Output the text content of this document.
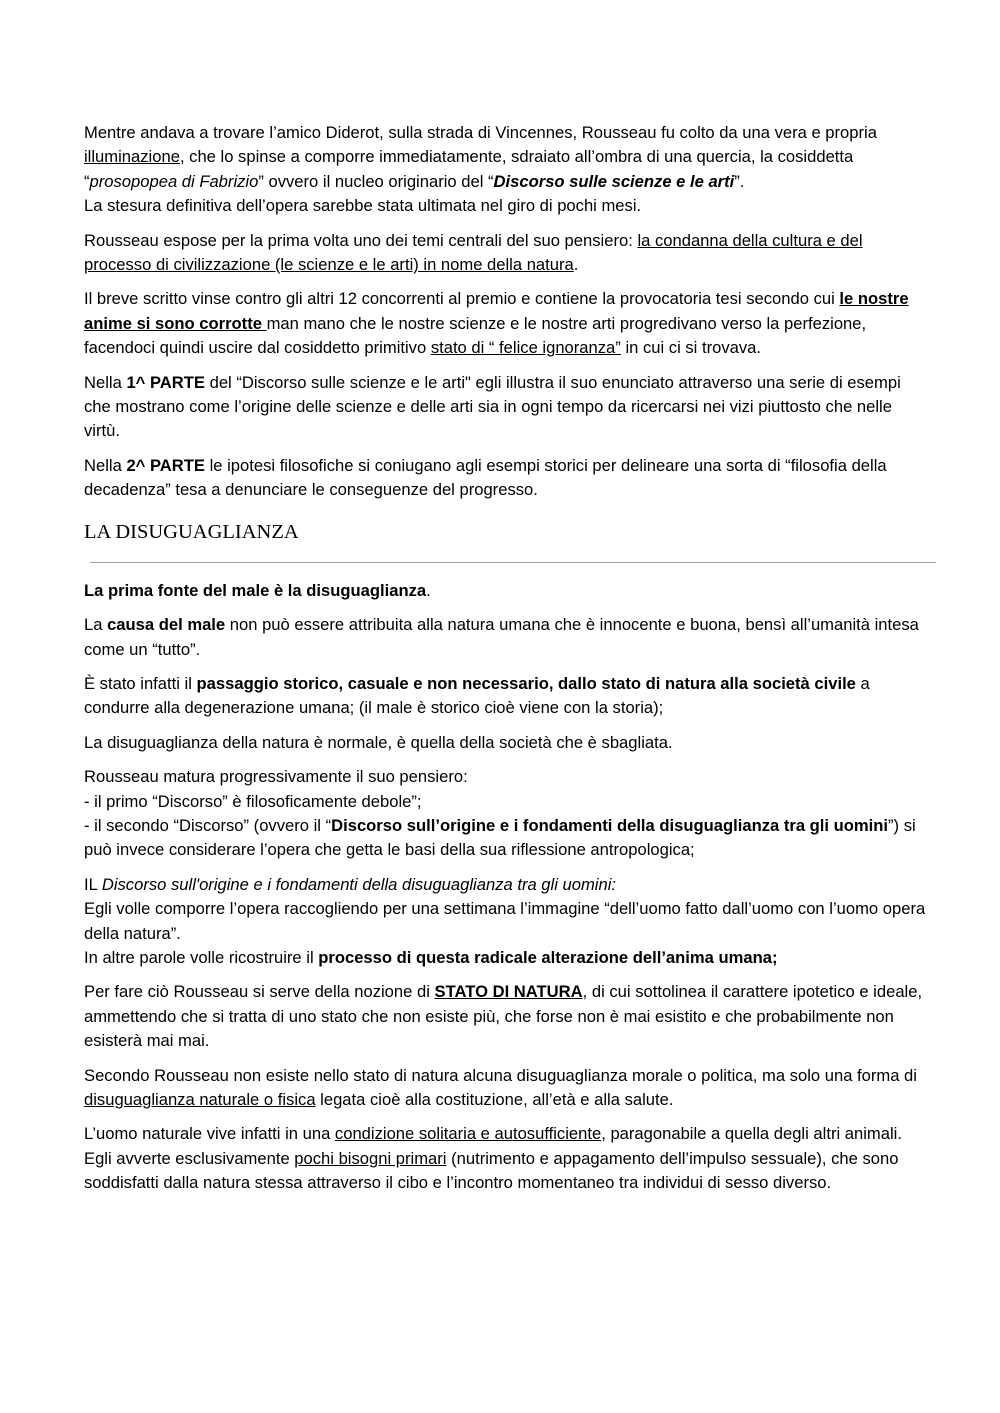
Mentre andava a trovare l’amico Diderot, sulla strada di Vincennes, Rousseau fu colto da una vera e propria illuminazione, che lo spinse a comporre immediatamente, sdraiato all’ombra di una quercia, la cosiddetta “prosopopea di Fabrizio” ovvero il nucleo originario del “Discorso sulle scienze e le arti”.
La stesura definitiva dell’opera sarebbe stata ultimata nel giro di pochi mesi.

Rousseau espose per la prima volta uno dei temi centrali del suo pensiero: la condanna della cultura e del processo di civilizzazione (le scienze e le arti) in nome della natura.

Il breve scritto vinse contro gli altri 12 concorrenti al premio e contiene la provocatoria tesi secondo cui le nostre anime si sono corrotte man mano che le nostre scienze e le nostre arti progredivano verso la perfezione, facendoci quindi uscire dal cosiddetto primitivo stato di “ felice ignoranza” in cui ci si trovava.

Nella 1^ PARTE del “Discorso sulle scienze e le arti" egli illustra il suo enunciato attraverso una serie di esempi che mostrano come l’origine delle scienze e delle arti sia in ogni tempo da ricercarsi nei vizi piuttosto che nelle virtù.

Nella 2^ PARTE le ipotesi filosofiche si coniugano agli esempi storici per delineare una sorta di “filosofia della decadenza” tesa a denunciare le conseguenze del progresso.

LA DISUGUAGLIANZA

La prima fonte del male è la disuguaglianza.

La causa del male non può essere attribuita alla natura umana che è innocente e buona, bensì all’umanità intesa come un “tutto”.

È stato infatti il passaggio storico, casuale e non necessario, dallo stato di natura alla società civile a condurre alla degenerazione umana; (il male è storico cioè viene con la storia);

La disuguaglianza della natura è normale, è quella della società che è sbagliata.

Rousseau matura progressivamente il suo pensiero:
- il primo “Discorso” è filosoficamente debole”;
- il secondo “Discorso” (ovvero il “Discorso sull’origine e i fondamenti della disuguaglianza tra gli uomini”) si può invece considerare l’opera che getta le basi della sua riflessione antropologica;

IL Discorso sull'origine e i fondamenti della disuguaglianza tra gli uomini:
Egli volle comporre l’opera raccogliendo per una settimana l’immagine “dell’uomo fatto dall’uomo con l’uomo opera della natura”.
In altre parole volle ricostruire il processo di questa radicale alterazione dell’anima umana;

Per fare ciò Rousseau si serve della nozione di STATO DI NATURA, di cui sottolinea il carattere ipotetico e ideale, ammettendo che si tratta di uno stato che non esiste più, che forse non è mai esistito e che probabilmente non esisterà mai mai.

Secondo Rousseau non esiste nello stato di natura alcuna disuguaglianza morale o politica, ma solo una forma di disuguaglianza naturale o fisica legata cioè alla costituzione, all’età e alla salute.

L’uomo naturale vive infatti in una condizione solitaria e autosufficiente, paragonabile a quella degli altri animali.
Egli avverte esclusivamente pochi bisogni primari (nutrimento e appagamento dell’impulso sessuale), che sono soddisfatti dalla natura stessa attraverso il cibo e l’incontro momentaneo tra individui di sesso diverso.
